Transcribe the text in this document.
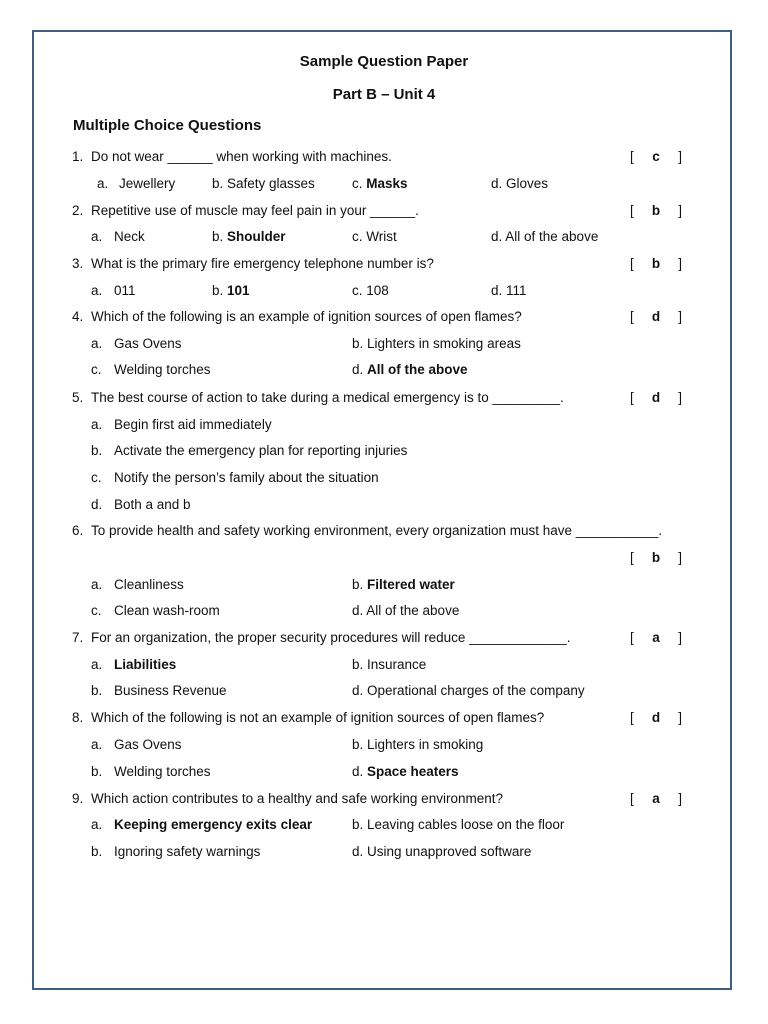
Sample Question Paper
Part B – Unit 4
Multiple Choice Questions
1. Do not wear ______ when working with machines.	[ c ]
a. Jewellery	b. Safety glasses	c. Masks	d. Gloves
2. Repetitive use of muscle may feel pain in your ______.	[ b ]
a. Neck	b. Shoulder	c. Wrist	d. All of the above
3. What is the primary fire emergency telephone number is?	[ b ]
a. 011	b. 101	c. 108	d. 111
4. Which of the following is an example of ignition sources of open flames?	[ d ]
a. Gas Ovens	b. Lighters in smoking areas
c. Welding torches	d. All of the above
5. The best course of action to take during a medical emergency is to _________.	[ d ]
a. Begin first aid immediately
b. Activate the emergency plan for reporting injuries
c. Notify the person’s family about the situation
d. Both a and b
6. To provide health and safety working environment, every organization must have ___________.
[ b ]
a. Cleanliness	b. Filtered water
c. Clean wash-room	d. All of the above
7. For an organization, the proper security procedures will reduce _____________.	[ a ]
a. Liabilities	b. Insurance
b. Business Revenue	d. Operational charges of the company
8. Which of the following is not an example of ignition sources of open flames?	[ d ]
a. Gas Ovens	b. Lighters in smoking
b. Welding torches	d. Space heaters
9. Which action contributes to a healthy and safe working environment?	[ a ]
a. Keeping emergency exits clear	b. Leaving cables loose on the floor
b. Ignoring safety warnings	d. Using unapproved software
